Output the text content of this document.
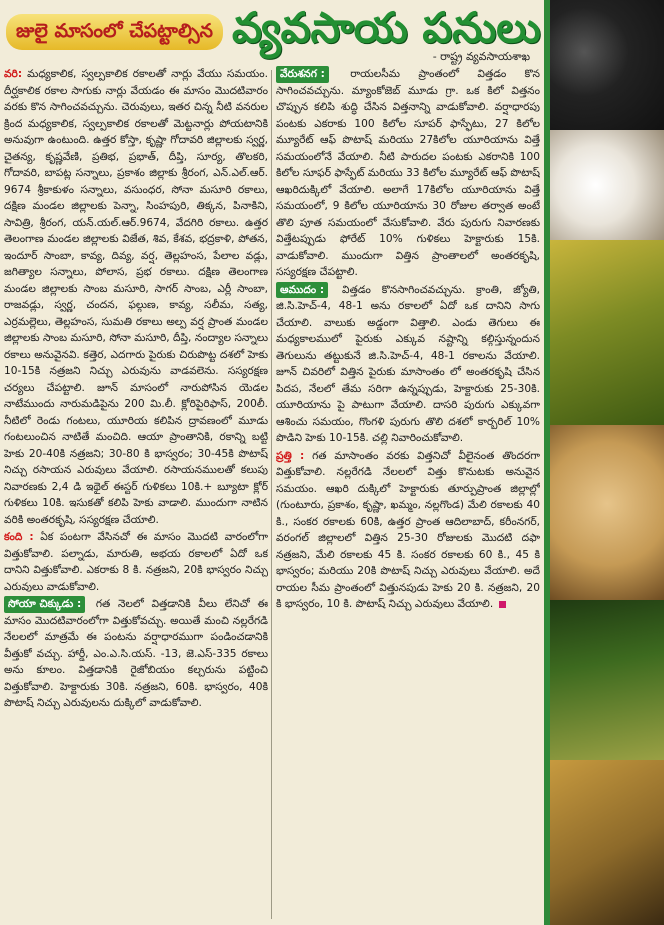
జులై మాసంలో చేపట్టాల్సిన వ్యవసాయ పనులు
- రాష్ట్ర వ్యవసాయశాఖ

వరి: మధ్యకాలిక, స్వల్పకాలిక రకాలతో నార్లు వేయు సమయం. దీర్ఘకాలిక రకాల సాగుకు నార్లు వేయడం ఈ మాసం మొదటివారం వరకు కొన సాగించవచ్చును. చెరువులు, ఇతర చిన్న నీటి వనరుల క్రింద మధ్యకాలిక, స్వల్పకాలిక రకాలతో మెట్టనార్లు పోయటానికి అనువుగా ఉంటుంది. ఉత్తర కోస్తా, కృష్ణా గోదావరి జిల్లాలకు స్వర్ణ, చైతన్య, కృష్ణవేణి, ప్రతిభ, ప్రభాత్, దీప్తి, సూర్య, తొలకరి, గోదావరి, బాపట్ల సన్నాలు, ప్రకాశం జిల్లాకు శ్రీరంగ, ఎన్.ఎల్.ఆర్. 9674 శ్రీకాకుళం సన్నాలు, వసుంధర, సోనా మసూరి రకాలు, దక్షిణ మండల జిల్లాలకు పెన్నా, సింహపురి, తిక్కన, పినాకిని, సావిత్రి, శ్రీరంగ, యన్.యల్.ఆర్.9674, వేదగిరి రకాలు. ఉత్తర తెలంగాణ మండల జిల్లాలకు విజేత, శివ, కేశవ, భద్రకాళి, పోతన, ఇందూర్ సాంబా, కావ్య, దివ్య, వర్ష, తెల్లహంస, పేలాల వడ్లు, జగిత్యాల సన్నాలు, పోలాస, ప్రభ రకాలు. దక్షిణ తెలంగాణ మండల జిల్లాలకు సాంబ మసూరి, సాగర్ సాంబ, ఎర్లీ సాంబా, రాజవడ్లు, స్వర్ణ, చందన, ఫల్గుణ, కావ్య, సలీమ, సత్య, ఎర్రమల్లెలు, తెల్లహంస, సుమతి రకాలు అల్ప వర్ష ప్రాంత మండల జిల్లాలకు సాంబ మసూరి, సోనా మసూరి, దీప్తి, నంద్యాల సన్నాలు రకాలు అనువైనవి. కత్తెర, ఎదగారు పైరుకు చిరుపొట్ట దశలో హెకు 10-15కి నత్రజని నిచ్చు ఎరువును వాడవలెను. సస్యరక్షణ చర్యలు చేపట్టాలి. జూన్ మాసంలో నారుపోసిన యెడల నాటేముందు నారుమడిపైను 200 మి.లీ. క్లోరిపైరిఫాస్, 200లీ. నీటిలో రెండు గంటలు, యూరియ కలిపిన ద్రావణంలో మూడు గంటలుంచిన నాటితే మంచిది. ఆయా ప్రాంతానికి, రకాన్ని బట్టి హెకు 20-40కి నత్రజని; 30-80 కి భాస్వరం; 30-45కి పొటాష్ నిచ్చు రసాయన ఎరువులు వేయాలి. రసాయనములతో కలుపు నివారణకు 2,4 డి ఇథైల్ ఈస్టర్ గుళికలు 10కి.+ బ్యూటా క్లోర్ గుళికలు 10కి. ఇసుకతో కలిపి హెకు వాడాలి. ముందుగా నాటిన వరికి అంతరకృషి, సస్యరక్షణ చేయాలి.

కంది : ఏక పంటగా వేసినచో ఈ మాసం మొదటి వారంలోగా విత్తుకోవాలి. పల్నాడు, మారుతి, అభయ రకాలలో ఏదో ఒక దానిని విత్తుకోవాలి. ఎకరాకు 8 కి. నత్రజని, 20కి భాస్వరం నిచ్చు ఎరువులు వాడుకోవాలి.

సోయా చిక్కుడు : గత నెలలో విత్తడానికి వీలు లేనిచో ఈ మాసం మొదటివారంలోగా విత్తుకోవచ్చు. అయితే మంచి నల్లరేగడి నేలలలో మాత్రమే ఈ పంటను వర్షాధారముగా పండించడానికి వీత్తుకో వచ్చు. హార్డీ, ఎం.ఎ.సి.యస్. -13, జె.ఎస్-335 రకాలు అను కూలం. విత్తడానికి రైజోబియం కల్చరును పట్టించి విత్తుకోవాలి. హెక్టారుకు 30కి. నత్రజని, 60కి. భాస్వరం, 40కి పొటాష్ నిచ్చు ఎరువులను దుక్కిలో వాడుకోవాలి.

వేరుశనగ : రాయలసీమ ప్రాంతంలో విత్తడం కొన సాగించవచ్చును. మ్యాంకోజెబ్ మూడు గ్రా. ఒక కిలో విత్తనం చొప్పున కలిపి శుద్ధి చేసిన విత్తనాన్ని వాడుకోవాలి. వర్షాధారపు పంటకు ఎకరాకు 100 కిలోల సూపర్ ఫాస్ఫేటు, 27 కిలోల మ్యూరేట్ ఆఫ్ పొటాష్ మరియు 27కిలోల యూరియాను విత్తే సమయంలోనే వేయాలి. నీటి పారుదల పంటకు ఎకరానికి 100 కిలోల సూఫర్ ఫాస్ఫేట్ మరియు 33 కిలోల మ్యూరేట్ ఆఫ్ పొటాష్ ఆఖరిదుక్కిలో వేయాలి. అలాగే 17కిలోల యూరియాను విత్తే సమయంలో, 9 కిలోల యూరియాను 30 రోజుల తర్వాత అంటే తొలి పూత సమయంలో వేసుకోవాలి. వేరు పురుగు నివారణకు విత్తేటప్పుడు ఫోరేట్ 10% గుళికలు హెక్టారుకు 15కి. వాడుకోవాలి. ముందుగా విత్తిన ప్రాంతాలలో అంతరకృషి, సస్యరక్షణ చేపట్టాలి.

ఆముదం : విత్తడం కొనసాగించవచ్చును. క్రాంతి, జ్యోతి, జి.సి.హెచ్-4, 48-1 అను రకాలలో ఏదో ఒక దానిని సాగు చేయాలి. వాలుకు అడ్డంగా విత్తాలి. ఎండు తెగులు ఈ మధ్యకాలములో పైరుకు ఎక్కువ నష్టాన్ని కల్గిస్తున్నందున తెగులును తట్టుకునే జి.సి.హెచ్-4, 48-1 రకాలను వేయాలి. జూన్ చివరిలో విత్తిన పైరుకు మాసాంతం లో అంతరకృషి చేసిన పిదప, నేలలో తేమ సరిగా ఉన్నప్పుడు, హెక్టారుకు 25-30కి. యూరియాను పై పాటుగా వేయాలి. దాసరి పురుగు ఎక్కువగా ఆశించు సమయం, గొంగళి పురుగు తొలి దశలో కార్బరిల్ 10% పొడిని హెకు 10-15కి. చల్లి నివారించుకోవాలి.

ప్రత్తి : గత మాసాంతం వరకు విత్తనిచో వీలైనంత తొందరగా విత్తుకోవాలి. నల్లరేగడి నేలలలో విత్తు కొనుటకు అనువైన సమయం. ఆఖరి దుక్కిలో హెక్టారుకు తూర్పుప్రాంత జిల్లాల్లో (గుంటూరు, ప్రకాశం, కృష్ణా, ఖమ్మం, నల్లగొండ) మేలి రకాలకు 40 కి., సంకర రకాలకు 60కి, ఉత్తర ప్రాంత ఆదిలాబాద్, కరీంనగర్, వరంగల్ జిల్లాలలో విత్తిన 25-30 రోజులకు మొదటి దఫా నత్రజని, మేలి రకాలకు 45 కి. సంకర రకాలకు 60 కి., 45 కి భాస్వరం; మరియు 20కి పొటాష్ నిచ్చు ఎరువులు వేయాలి. అదే రాయల సీమ ప్రాంతంలో విత్తునపుడు హెకు 20 కి. నత్రజని, 20 కి భాస్వరం, 10 కి. పొటాష్ నిచ్చు ఎరువులు వేయాలి.
